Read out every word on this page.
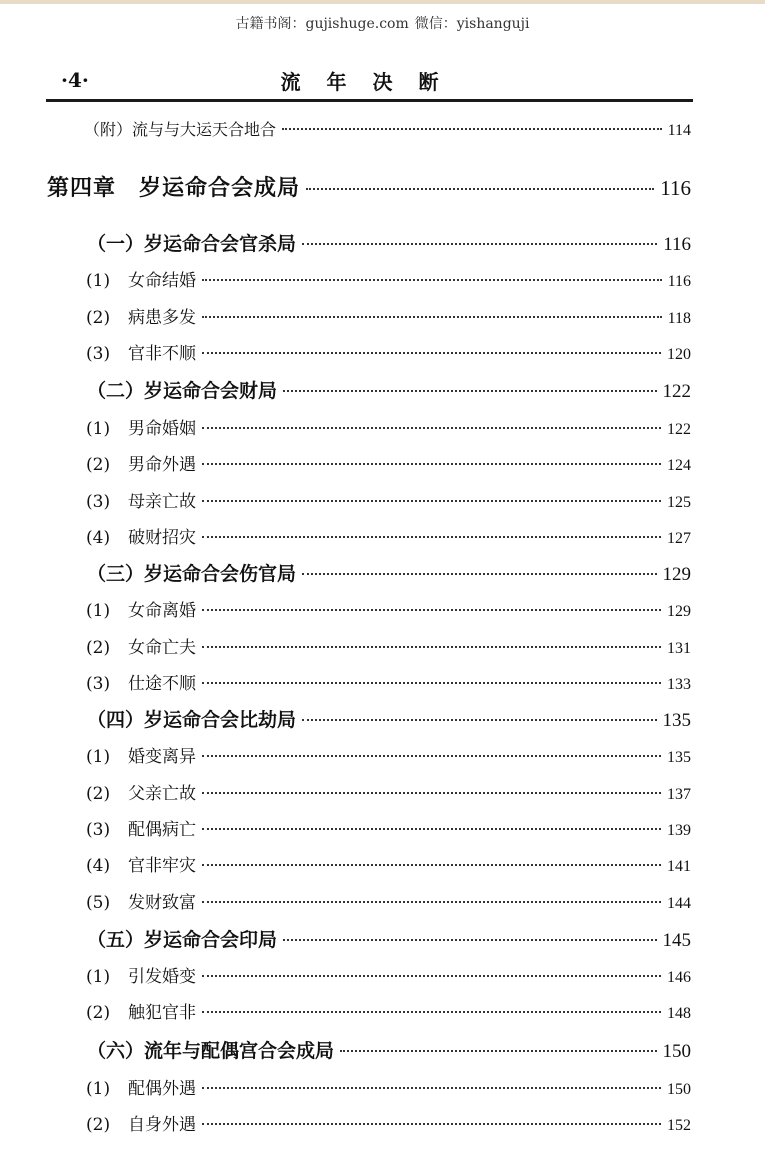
古籍书阁：gujishuge.com 微信：yishanguji
·4·	流年决断
（附）流与与大运天合地合	114
第四章　岁运命合会成局	116
（一）岁运命合会官杀局	116
(1)	女命结婚	116
(2)	病患多发	118
(3)	官非不顺	120
（二）岁运命合会财局	122
(1)	男命婚姻	122
(2)	男命外遇	124
(3)	母亲亡故	125
(4)	破财招灾	127
（三）岁运命合会伤官局	129
(1)	女命离婚	129
(2)	女命亡夫	131
(3)	仕途不顺	133
（四）岁运命合会比劫局	135
(1)	婚变离异	135
(2)	父亲亡故	137
(3)	配偶病亡	139
(4)	官非牢灾	141
(5)	发财致富	144
（五）岁运命合会印局	145
(1)	引发婚变	146
(2)	触犯官非	148
（六）流年与配偶宫合会成局	150
(1)	配偶外遇	150
(2)	自身外遇	152
